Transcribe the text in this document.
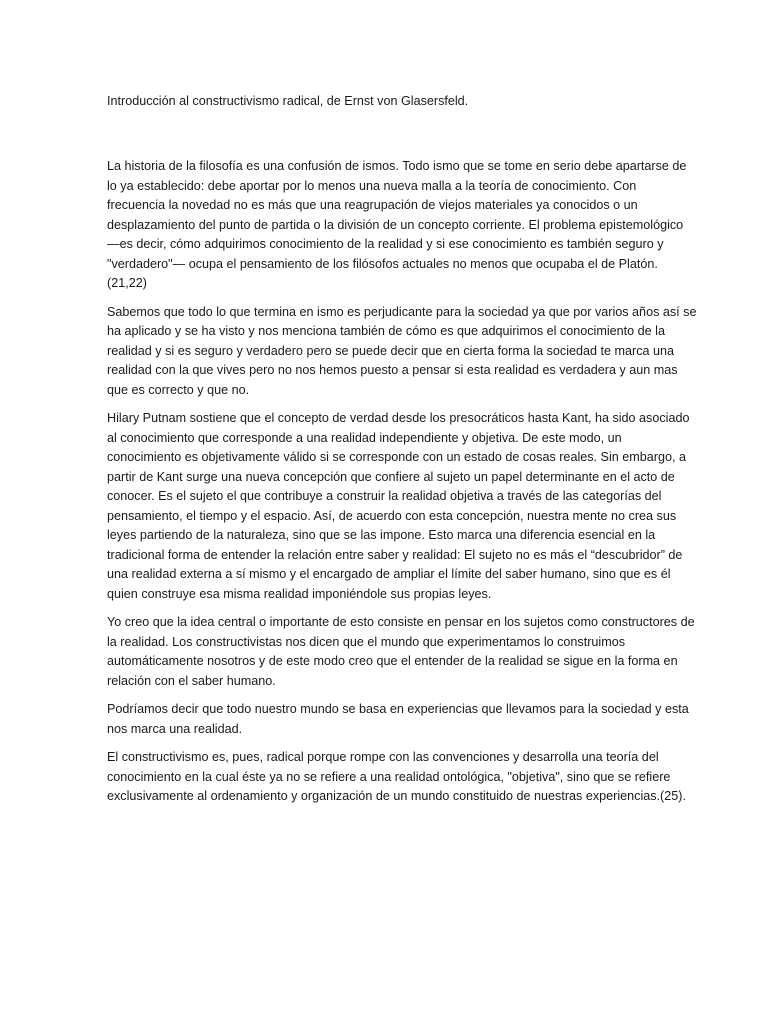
Introducción al constructivismo radical, de Ernst von Glasersfeld.

La historia de la filosofía es una confusión de ismos. Todo ismo que se tome en serio debe apartarse de lo ya establecido: debe aportar por lo menos una nueva malla a la teoría de conocimiento. Con frecuencia la novedad no es más que una reagrupación de viejos materiales ya conocidos o un desplazamiento del punto de partida o la división de un concepto corriente. El problema epistemológico —es decir, cómo adquirimos conocimiento de la realidad y si ese conocimiento es también seguro y "verdadero"— ocupa el pensamiento de los filósofos actuales no menos que ocupaba el de Platón. (21,22)

Sabemos que todo lo que termina en ismo es perjudicante para la sociedad ya que por varios años así se ha aplicado y se ha visto y nos menciona también de cómo es que adquirimos el conocimiento de la realidad y si es seguro y verdadero pero se puede decir que en cierta forma la sociedad te marca una realidad con la que vives pero no nos hemos puesto a pensar si esta realidad es verdadera y aun mas que es correcto y que no.

Hilary Putnam sostiene que el concepto de verdad desde los presocráticos hasta Kant, ha sido asociado al conocimiento que corresponde a una realidad independiente y objetiva. De este modo, un conocimiento es objetivamente válido si se corresponde con un estado de cosas reales. Sin embargo, a partir de Kant surge una nueva concepción que confiere al sujeto un papel determinante en el acto de conocer. Es el sujeto el que contribuye a construir la realidad objetiva a través de las categorías del pensamiento, el tiempo y el espacio. Así, de acuerdo con esta concepción, nuestra mente no crea sus leyes partiendo de la naturaleza, sino que se las impone. Esto marca una diferencia esencial en la tradicional forma de entender la relación entre saber y realidad: El sujeto no es más el “descubridor” de una realidad externa a sí mismo y el encargado de ampliar el límite del saber humano, sino que es él quien construye esa misma realidad imponiéndole sus propias leyes.

Yo creo que la idea central o importante de esto consiste en pensar en los sujetos como constructores de la realidad. Los constructivistas nos dicen que el mundo que experimentamos lo construimos automáticamente nosotros y de este modo creo que el entender de la realidad se sigue en la forma en relación con el saber humano.

Podríamos decir que todo nuestro mundo se basa en experiencias que llevamos para la sociedad y esta nos marca una realidad.

El constructivismo es, pues, radical porque rompe con las convenciones y desarrolla una teoría del conocimiento en la cual éste ya no se refiere a una realidad ontológica, "objetiva", sino que se refiere exclusivamente al ordenamiento y organización de un mundo constituido de nuestras experiencias.(25).
